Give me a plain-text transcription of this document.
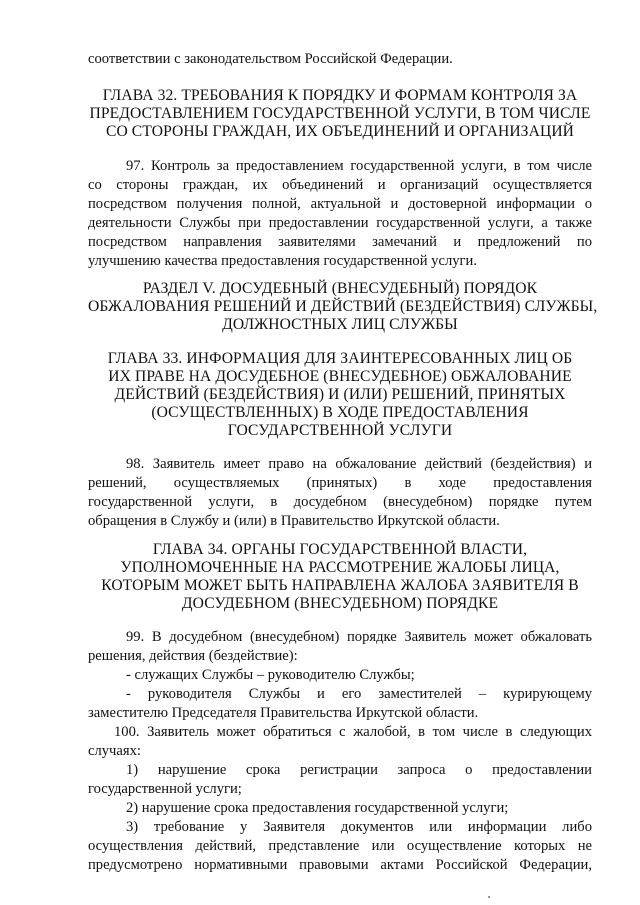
соответствии с законодательством Российской Федерации.
ГЛАВА 32. ТРЕБОВАНИЯ К ПОРЯДКУ И ФОРМАМ КОНТРОЛЯ ЗА
ПРЕДОСТАВЛЕНИЕМ ГОСУДАРСТВЕННОЙ УСЛУГИ, В ТОМ ЧИСЛЕ
СО СТОРОНЫ ГРАЖДАН, ИХ ОБЪЕДИНЕНИЙ И ОРГАНИЗАЦИЙ
97. Контроль за предоставлением государственной услуги, в том числе
со стороны граждан, их объединений и организаций осуществляется
посредством получения полной, актуальной и достоверной информации о
деятельности Службы при предоставлении государственной услуги, а также
посредством направления заявителями замечаний и предложений по
улучшению качества предоставления государственной услуги.
РАЗДЕЛ V. ДОСУДЕБНЫЙ (ВНЕСУДЕБНЫЙ) ПОРЯДОК
ОБЖАЛОВАНИЯ РЕШЕНИЙ И ДЕЙСТВИЙ (БЕЗДЕЙСТВИЯ) СЛУЖБЫ,
ДОЛЖНОСТНЫХ ЛИЦ СЛУЖБЫ
ГЛАВА 33. ИНФОРМАЦИЯ ДЛЯ ЗАИНТЕРЕСОВАННЫХ ЛИЦ ОБ
ИХ ПРАВЕ НА ДОСУДЕБНОЕ (ВНЕСУДЕБНОЕ) ОБЖАЛОВАНИЕ
ДЕЙСТВИЙ (БЕЗДЕЙСТВИЯ) И (ИЛИ) РЕШЕНИЙ, ПРИНЯТЫХ
(ОСУЩЕСТВЛЕННЫХ) В ХОДЕ ПРЕДОСТАВЛЕНИЯ
ГОСУДАРСТВЕННОЙ УСЛУГИ
98. Заявитель имеет право на обжалование действий (бездействия) и
решений, осуществляемых (принятых) в ходе предоставления
государственной услуги, в досудебном (внесудебном) порядке путем
обращения в Службу и (или) в Правительство Иркутской области.
ГЛАВА 34. ОРГАНЫ ГОСУДАРСТВЕННОЙ ВЛАСТИ,
УПОЛНОМОЧЕННЫЕ НА РАССМОТРЕНИЕ ЖАЛОБЫ ЛИЦА,
КОТОРЫМ МОЖЕТ БЫТЬ НАПРАВЛЕНА ЖАЛОБА ЗАЯВИТЕЛЯ В
ДОСУДЕБНОМ (ВНЕСУДЕБНОМ) ПОРЯДКЕ
99. В досудебном (внесудебном) порядке Заявитель может обжаловать
решения, действия (бездействие):
- служащих Службы – руководителю Службы;
- руководителя Службы и его заместителей – курирующему
заместителю Председателя Правительства Иркутской области.
100. Заявитель может обратиться с жалобой, в том числе в следующих
случаях:
1) нарушение срока регистрации запроса о предоставлении
государственной услуги;
2) нарушение срока предоставления государственной услуги;
3) требование у Заявителя документов или информации либо
осуществления действий, представление или осуществление которых не
предусмотрено нормативными правовыми актами Российской Федерации,
